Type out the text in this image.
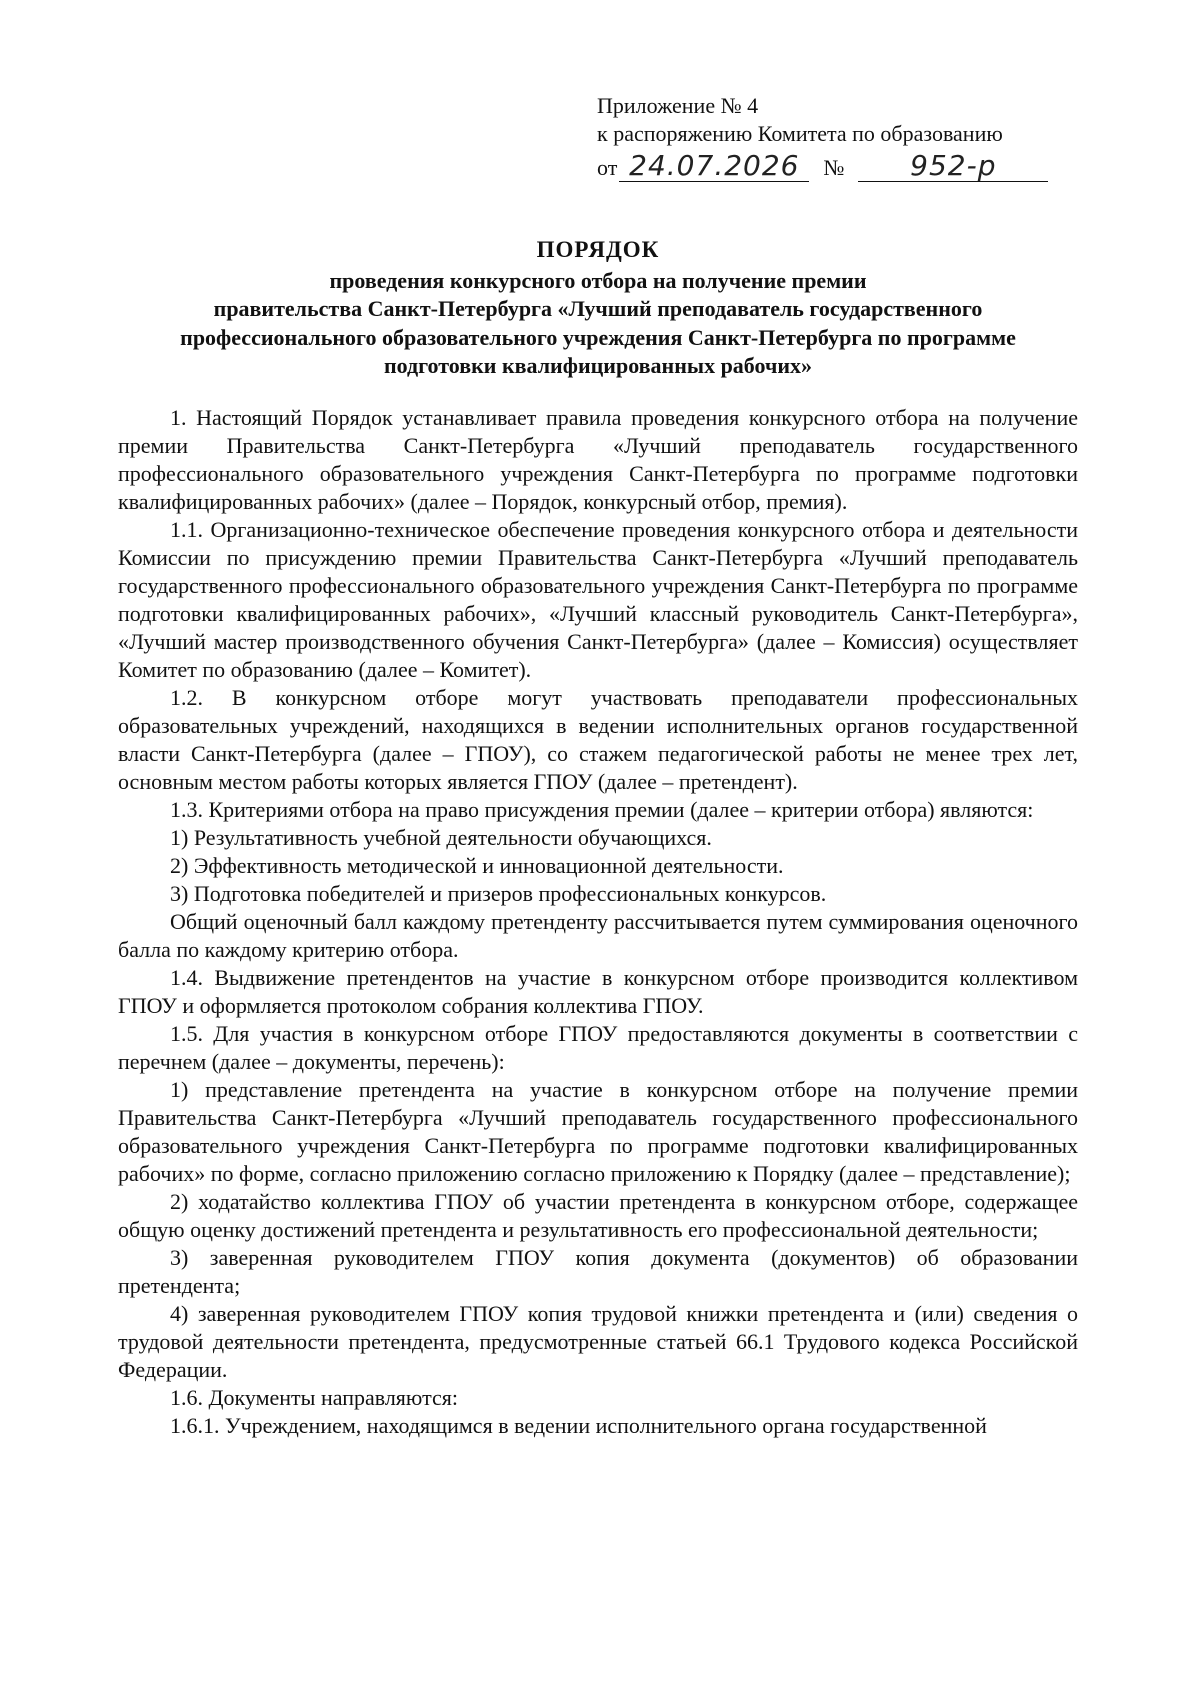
Приложение № 4
к распоряжению Комитета по образованию
от 24.07.2026	№	952-р
ПОРЯДОК
проведения конкурсного отбора на получение премии
правительства Санкт-Петербурга «Лучший преподаватель государственного
профессионального образовательного учреждения Санкт-Петербурга по программе
подготовки квалифицированных рабочих»

1. Настоящий Порядок устанавливает правила проведения конкурсного отбора на получение премии Правительства Санкт-Петербурга «Лучший преподаватель государственного профессионального образовательного учреждения Санкт-Петербурга по программе подготовки квалифицированных рабочих» (далее – Порядок, конкурсный отбор, премия).

1.1. Организационно-техническое обеспечение проведения конкурсного отбора и деятельности Комиссии по присуждению премии Правительства Санкт-Петербурга «Лучший преподаватель государственного профессионального образовательного учреждения Санкт-Петербурга по программе подготовки квалифицированных рабочих», «Лучший классный руководитель Санкт-Петербурга», «Лучший мастер производственного обучения Санкт-Петербурга» (далее – Комиссия) осуществляет Комитет по образованию (далее – Комитет).

1.2. В конкурсном отборе могут участвовать преподаватели профессиональных образовательных учреждений, находящихся в ведении исполнительных органов государственной власти Санкт-Петербурга (далее – ГПОУ), со стажем педагогической работы не менее трех лет, основным местом работы которых является ГПОУ (далее – претендент).

1.3. Критериями отбора на право присуждения премии (далее – критерии отбора) являются:

1) Результативность учебной деятельности обучающихся.

2) Эффективность методической и инновационной деятельности.

3) Подготовка победителей и призеров профессиональных конкурсов.

Общий оценочный балл каждому претенденту рассчитывается путем суммирования оценочного балла по каждому критерию отбора.

1.4. Выдвижение претендентов на участие в конкурсном отборе производится коллективом ГПОУ и оформляется протоколом собрания коллектива ГПОУ.

1.5. Для участия в конкурсном отборе ГПОУ предоставляются документы в соответствии с перечнем (далее – документы, перечень):

1) представление претендента на участие в конкурсном отборе на получение премии Правительства Санкт-Петербурга «Лучший преподаватель государственного профессионального образовательного учреждения Санкт-Петербурга по программе подготовки квалифицированных рабочих» по форме, согласно приложению согласно приложению к Порядку (далее – представление);

2) ходатайство коллектива ГПОУ об участии претендента в конкурсном отборе, содержащее общую оценку достижений претендента и результативность его профессиональной деятельности;

3) заверенная руководителем ГПОУ копия документа (документов) об образовании претендента;

4) заверенная руководителем ГПОУ копия трудовой книжки претендента и (или) сведения о трудовой деятельности претендента, предусмотренные статьей 66.1 Трудового кодекса Российской Федерации.

1.6. Документы направляются:

1.6.1. Учреждением, находящимся в ведении исполнительного органа государственной
